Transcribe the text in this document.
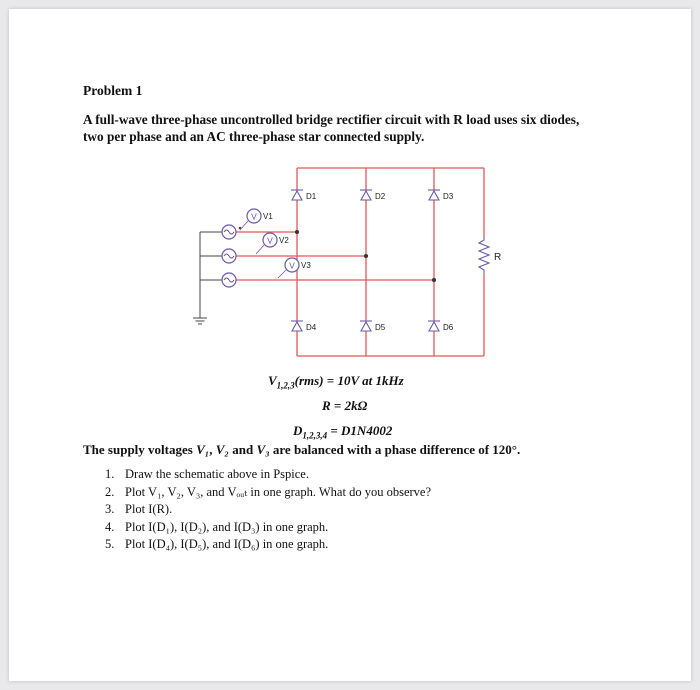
Problem 1
A full-wave three-phase uncontrolled bridge rectifier circuit with R load uses six diodes, two per phase and an AC three-phase star connected supply.
V
V
V
V1
V2
V3
D1	D2	D3
D4	D5	D6
R
$V_{1,2,3}(rms) = 10V$ at 1kHz
R = 2kΩ
$D_{1,2,3,4} = D1N4002$
The supply voltages V₁, V₂ and V₃ are balanced with a phase difference of 120°.
1. Draw the schematic above in Pspice.
2. Plot V₁, V₂, V₃, and Vₒᵤₜ in one graph. What do you observe?
3. Plot I(R).
4. Plot I(D₁), I(D₂), and I(D₃) in one graph.
5. Plot I(D₄), I(D₅), and I(D₆) in one graph.
